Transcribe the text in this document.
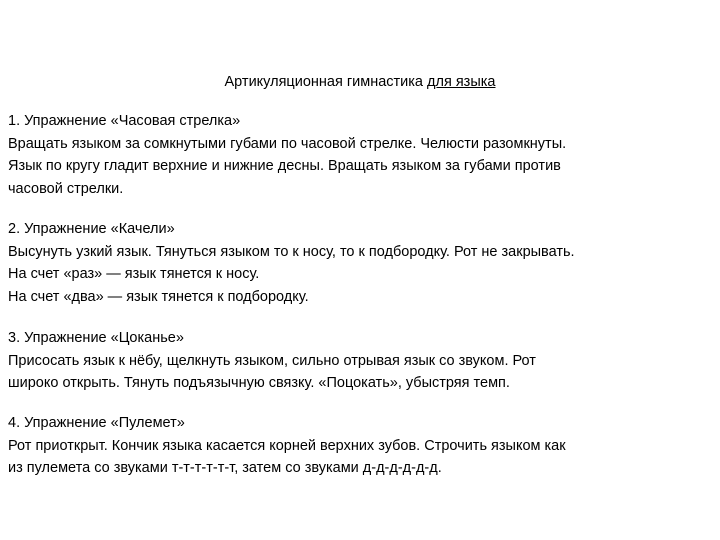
Артикуляционная гимнастика для языка
1. Упражнение «Часовая стрелка»
Вращать языком за сомкнутыми губами по часовой стрелке. Челюсти разомкнуты.
Язык по кругу гладит верхние и нижние десны. Вращать языком за губами против
часовой стрелки.
2. Упражнение «Качели»
Высунуть узкий язык. Тянуться языком то к носу, то к подбородку. Рот не закрывать.
На счет «раз» — язык тянется к носу.
На счет «два» — язык тянется к подбородку.
3. Упражнение «Цоканье»
Присосать язык к нёбу, щелкнуть языком, сильно отрывая язык со звуком. Рот
широко открыть. Тянуть подъязычную связку. «Поцокать», убыстряя темп.
4. Упражнение «Пулемет»
Рот приоткрыт. Кончик языка касается корней верхних зубов. Строчить языком как
из пулемета со звуками т-т-т-т-т-т, затем со звуками д-д-д-д-д-д.
